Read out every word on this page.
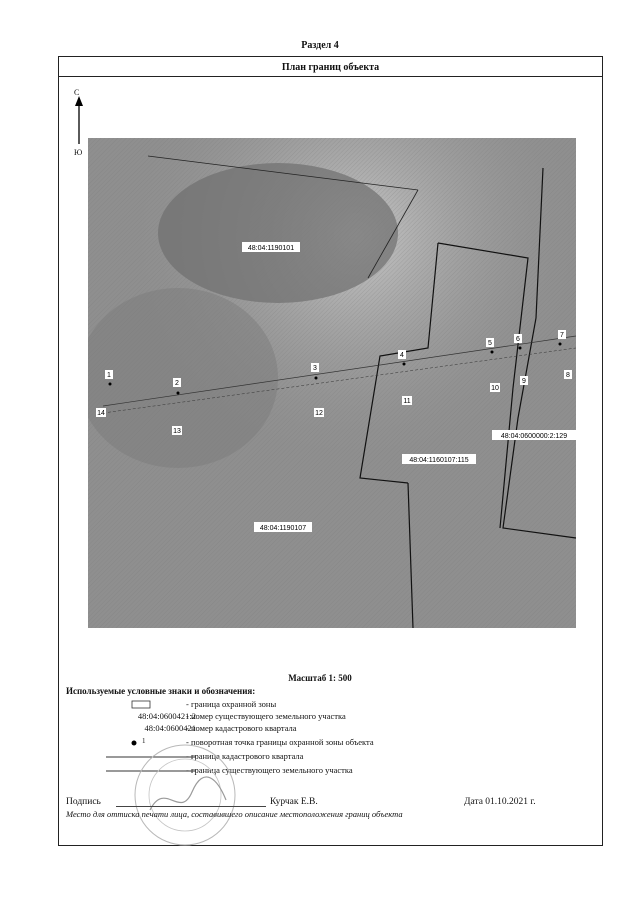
Раздел 4
План границ объекта
С
Ю
48:04:1190101
48:04:1190107
48:04:1160107:115
48:04:0600000:2:129
1
2
3
4
5
6
7
8
9
10
11
12
13
14
Масштаб 1: 500
Используемые условные знаки и обозначения:
- граница охранной зоны
48:04:0600421:2
- номер существующего земельного участка
48:04:0600421
- номер кадастрового квартала
1	- поворотная точка границы охранной зоны объекта
- граница кадастрового квартала
- граница существующего земельного участка
Подпись	Курчак Е.В.	Дата 01.10.2021 г.
Место для оттиска печати лица, составившего описание местоположения границ объекта
